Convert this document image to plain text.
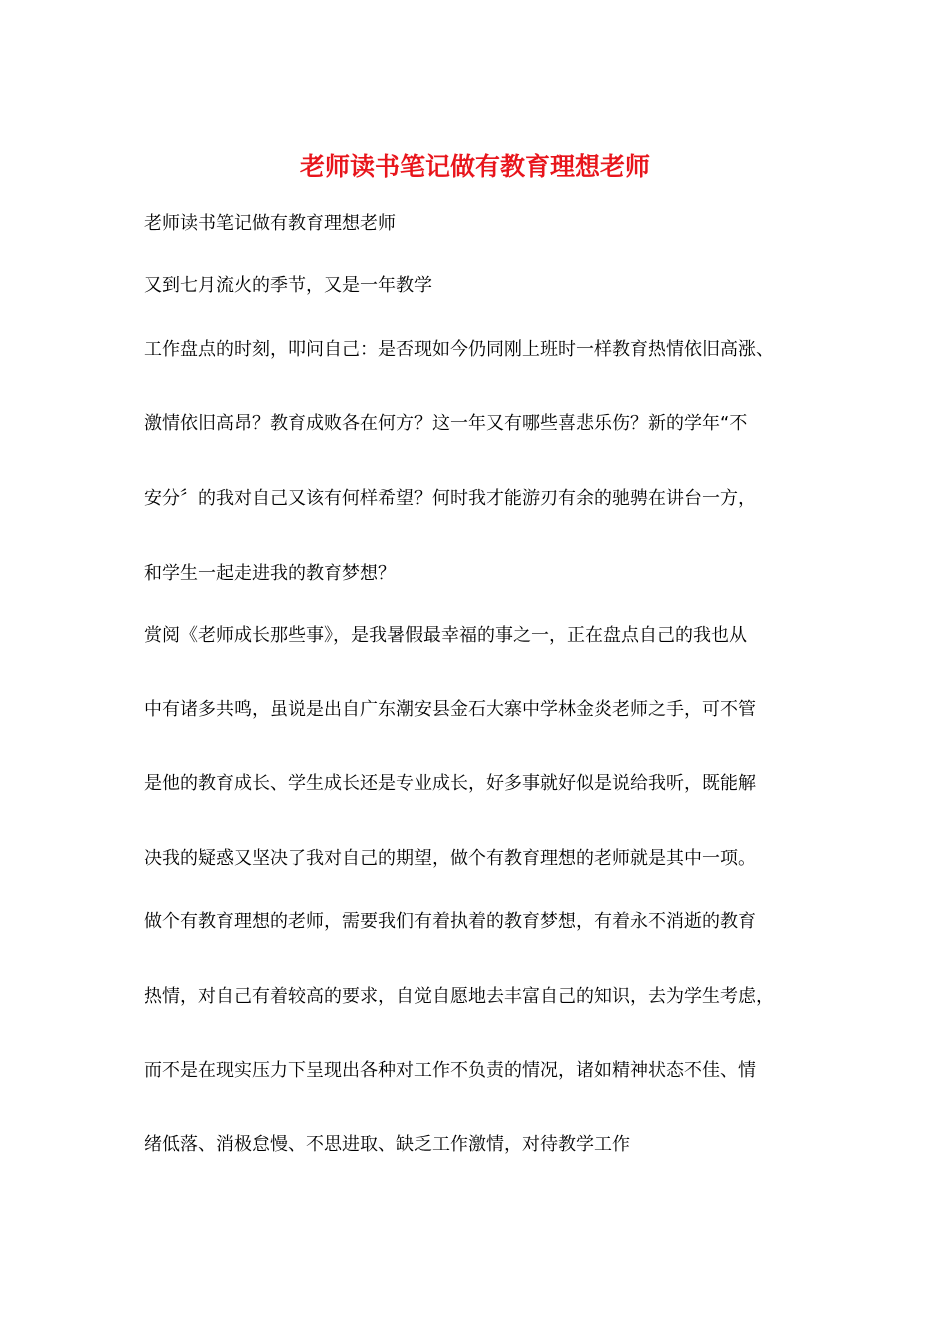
老师读书笔记做有教育理想老师
老师读书笔记做有教育理想老师
又到七月流火的季节，又是一年教学
工作盘点的时刻，叩问自己：是否现如今仍同刚上班时一样教育热情依旧高涨、
激情依旧高昂？教育成败各在何方？这一年又有哪些喜悲乐伤？新的学年“不
安分〞的我对自己又该有何样希望？何时我才能游刃有余的驰骋在讲台一方，
和学生一起走进我的教育梦想？
赏阅《老师成长那些事》，是我暑假最幸福的事之一，正在盘点自己的我也从
中有诸多共鸣，虽说是出自广东潮安县金石大寨中学林金炎老师之手，可不管
是他的教育成长、学生成长还是专业成长，好多事就好似是说给我听，既能解
决我的疑惑又坚决了我对自己的期望，做个有教育理想的老师就是其中一项。
做个有教育理想的老师，需要我们有着执着的教育梦想，有着永不消逝的教育
热情，对自己有着较高的要求，自觉自愿地去丰富自己的知识，去为学生考虑，
而不是在现实压力下呈现出各种对工作不负责的情况，诸如精神状态不佳、情
绪低落、消极怠慢、不思进取、缺乏工作激情，对待教学工作
